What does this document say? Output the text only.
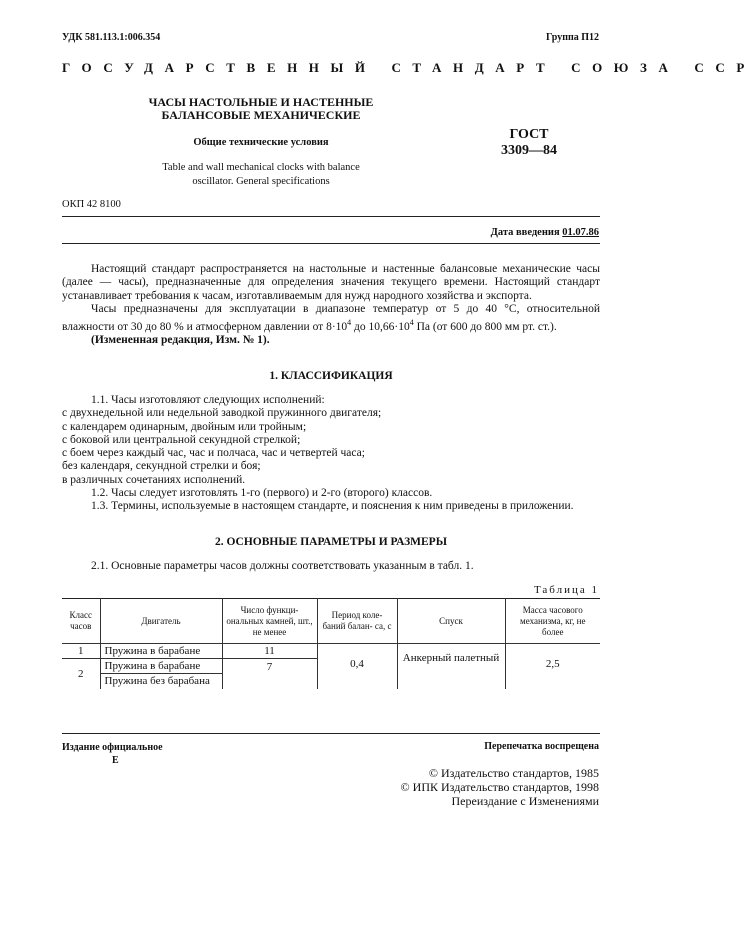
УДК 581.113.1:006.354	Группа П12
ГОСУДАРСТВЕННЫЙ СТАНДАРТ СОЮЗА ССР
ЧАСЫ НАСТОЛЬНЫЕ И НАСТЕННЫЕ
БАЛАНСОВЫЕ МЕХАНИЧЕСКИЕ
Общие технические условия
Table and wall mechanical clocks with balance
oscillator. General specifications
ГОСТ
3309—84
ОКП 42 8100
Дата введения 01.07.86

Настоящий стандарт распространяется на настольные и настенные балансовые механические часы (далее — часы), предназначенные для определения значения текущего времени. Настоящий стандарт устанавливает требования к часам, изготавливаемым для нужд народного хозяйства и экспорта.

Часы предназначены для эксплуатации в диапазоне температур от 5 до 40 °С, относительной влажности от 30 до 80 % и атмосферном давлении от $8\cdot 10^4$ до $10,66\cdot 10^4$ Па (от 600 до 800 мм рт. ст.).

(Измененная редакция, Изм. № 1).

1. КЛАССИФИКАЦИЯ

1.1. Часы изготовляют следующих исполнений:

с двухнедельной или недельной заводкой пружинного двигателя;

с календарем одинарным, двойным или тройным;

с боковой или центральной секундной стрелкой;

с боем через каждый час, час и полчаса, час и четвертей часа;

без календаря, секундной стрелки и боя;

в различных сочетаниях исполнений.

1.2. Часы следует изготовлять 1-го (первого) и 2-го (второго) классов.

1.3. Термины, используемые в настоящем стандарте, и пояснения к ним приведены в приложении.

2. ОСНОВНЫЕ ПАРАМЕТРЫ И РАЗМЕРЫ

2.1. Основные параметры часов должны соответствовать указанным в табл. 1.

Таблица 1
Класс часов	Двигатель	Число функци- ональных камней, шт., не менее	Период коле- баний балан- са, с	Спуск	Масса часового механизма, кг, не более
1	Пружина в барабане	11	0,4	Анкерный палетный	2,5
2	Пружина в барабане	7			
	Пружина без барабана				
Издание официальное
Е
Перепечатка воспрещена
© Издательство стандартов, 1985
© ИПК Издательство стандартов, 1998
Переиздание с Изменениями
